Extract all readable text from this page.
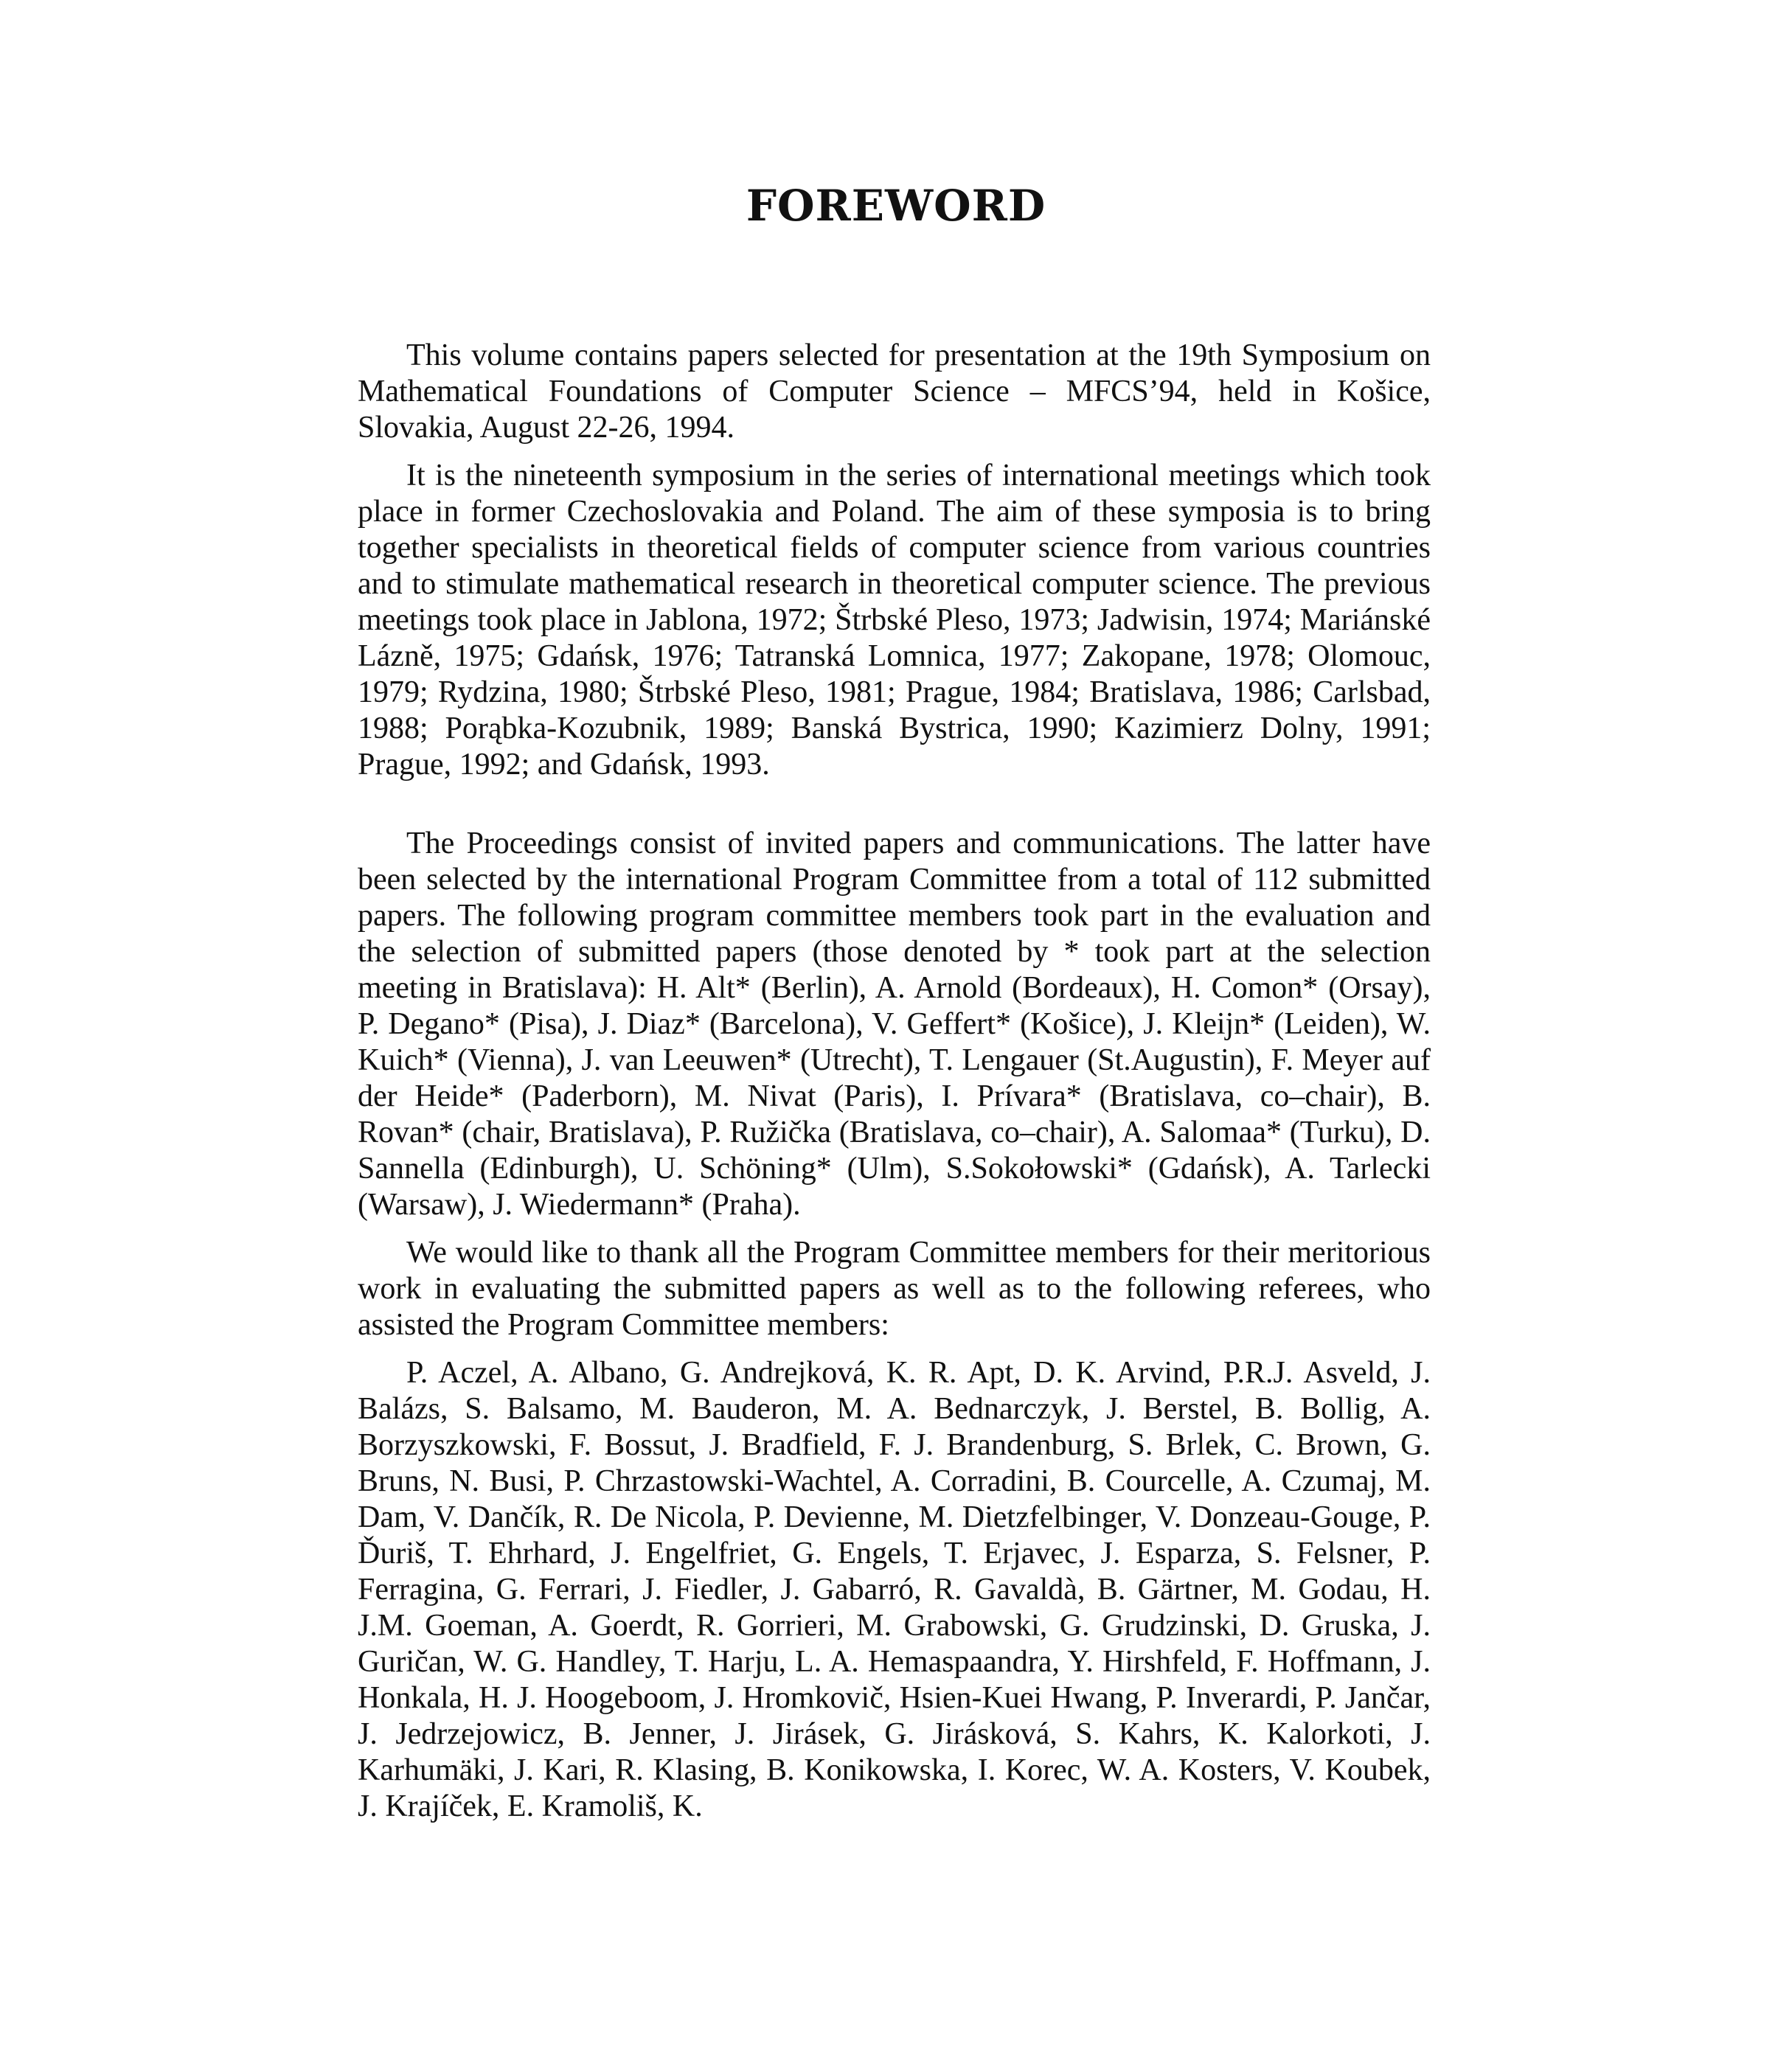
FOREWORD

This volume contains papers selected for presentation at the 19th Symposium on Mathematical Foundations of Computer Science – MFCS’94, held in Košice, Slovakia, August 22-26, 1994.

It is the nineteenth symposium in the series of international meetings which took place in former Czechoslovakia and Poland. The aim of these symposia is to bring together specialists in theoretical fields of computer science from various countries and to stimulate mathematical research in theoretical computer science. The previous meetings took place in Jablona, 1972; Štrbské Pleso, 1973; Jadwisin, 1974; Mariánské Lázně, 1975; Gdańsk, 1976; Tatranská Lomnica, 1977; Zakopane, 1978; Olomouc, 1979; Rydzina, 1980; Štrbské Pleso, 1981; Prague, 1984; Bratislava, 1986; Carlsbad, 1988; Porąbka-Kozubnik, 1989; Banská Bystrica, 1990; Kazimierz Dolny, 1991; Prague, 1992; and Gdańsk, 1993.

The Proceedings consist of invited papers and communications. The latter have been selected by the international Program Committee from a total of 112 submitted papers. The following program committee members took part in the evaluation and the selection of submitted papers (those denoted by * took part at the selection meeting in Bratislava): H. Alt* (Berlin), A. Arnold (Bordeaux), H. Comon* (Orsay), P. Degano* (Pisa), J. Diaz* (Barcelona), V. Geffert* (Košice), J. Kleijn* (Leiden), W. Kuich* (Vienna), J. van Leeuwen* (Utrecht), T. Lengauer (St.Augustin), F. Meyer auf der Heide* (Paderborn), M. Nivat (Paris), I. Prívara* (Bratislava, co–chair), B. Rovan* (chair, Bratislava), P. Ružička (Bratislava, co–chair), A. Salomaa* (Turku), D. Sannella (Edinburgh), U. Schöning* (Ulm), S.Sokołowski* (Gdańsk), A. Tarlecki (Warsaw), J. Wiedermann* (Praha).

We would like to thank all the Program Committee members for their meritorious work in evaluating the submitted papers as well as to the following referees, who assisted the Program Committee members:

P. Aczel, A. Albano, G. Andrejková, K. R. Apt, D. K. Arvind, P.R.J. Asveld, J. Balázs, S. Balsamo, M. Bauderon, M. A. Bednarczyk, J. Berstel, B. Bollig, A. Borzyszkowski, F. Bossut, J. Bradfield, F. J. Brandenburg, S. Brlek, C. Brown, G. Bruns, N. Busi, P. Chrzastowski-Wachtel, A. Corradini, B. Courcelle, A. Czumaj, M. Dam, V. Dančík, R. De Nicola, P. Devienne, M. Dietzfelbinger, V. Donzeau-Gouge, P. Ďuriš, T. Ehrhard, J. Engelfriet, G. Engels, T. Erjavec, J. Esparza, S. Felsner, P. Ferragina, G. Ferrari, J. Fiedler, J. Gabarró, R. Gavaldà, B. Gärtner, M. Godau, H. J.M. Goeman, A. Goerdt, R. Gorrieri, M. Grabowski, G. Grudzinski, D. Gruska, J. Guričan, W. G. Handley, T. Harju, L. A. Hemaspaandra, Y. Hirshfeld, F. Hoffmann, J. Honkala, H. J. Hoogeboom, J. Hromkovič, Hsien-Kuei Hwang, P. Inverardi, P. Jančar, J. Jedrzejowicz, B. Jenner, J. Jirásek, G. Jirásková, S. Kahrs, K. Kalorkoti, J. Karhumäki, J. Kari, R. Klasing, B. Konikowska, I. Korec, W. A. Kosters, V. Koubek, J. Krajíček, E. Kramoliš, K.
